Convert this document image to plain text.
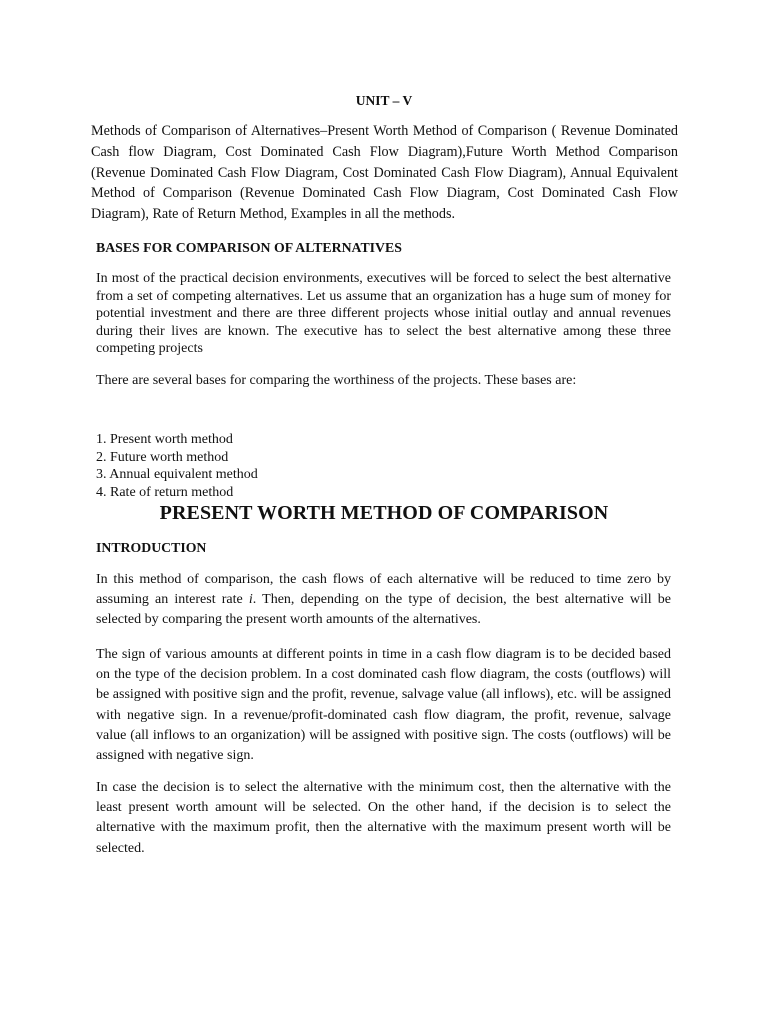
UNIT – V

Methods of Comparison of Alternatives–Present Worth Method of Comparison ( Revenue Dominated Cash flow Diagram, Cost Dominated Cash Flow Diagram),Future Worth Method Comparison (Revenue Dominated Cash Flow Diagram, Cost Dominated Cash Flow Diagram), Annual Equivalent Method of Comparison (Revenue Dominated Cash Flow Diagram, Cost Dominated Cash Flow Diagram), Rate of Return Method, Examples in all the methods.

BASES FOR COMPARISON OF ALTERNATIVES

In most of the practical decision environments, executives will be forced to select the best alternative from a set of competing alternatives. Let us assume that an organization has a huge sum of money for potential investment and there are three different projects whose initial outlay and annual revenues during their lives are known. The executive has to select the best alternative among these three competing projects

There are several bases for comparing the worthiness of the projects. These bases are:

1. Present worth method
2. Future worth method
3. Annual equivalent method
4. Rate of return method
PRESENT WORTH METHOD OF COMPARISON
INTRODUCTION

In this method of comparison, the cash flows of each alternative will be reduced to time zero by assuming an interest rate i. Then, depending on the type of decision, the best alternative will be selected by comparing the present worth amounts of the alternatives.

The sign of various amounts at different points in time in a cash flow diagram is to be decided based on the type of the decision problem. In a cost dominated cash flow diagram, the costs (outflows) will be assigned with positive sign and the profit, revenue, salvage value (all inflows), etc. will be assigned with negative sign. In a revenue/profit-dominated cash flow diagram, the profit, revenue, salvage value (all inflows to an organization) will be assigned with positive sign. The costs (outflows) will be assigned with negative sign.

In case the decision is to select the alternative with the minimum cost, then the alternative with the least present worth amount will be selected. On the other hand, if the decision is to select the alternative with the maximum profit, then the alternative with the maximum present worth will be selected.
